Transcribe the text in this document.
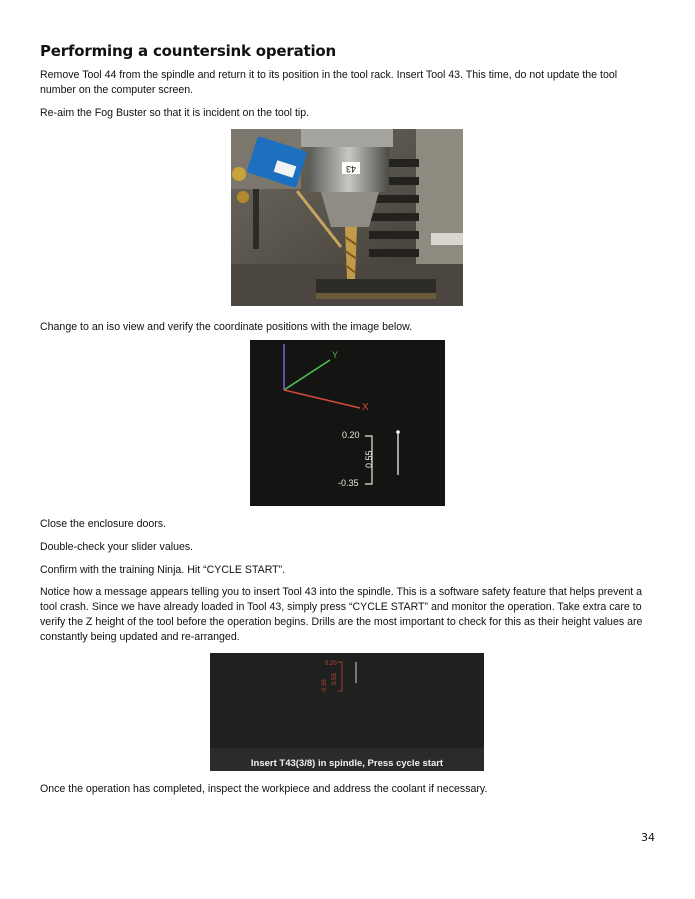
Performing a countersink operation

Remove Tool 44 from the spindle and return it to its position in the tool rack. Insert Tool 43. This time, do not update the tool number on the computer screen.

Re-aim the Fog Buster so that it is incident on the tool tip.

43

Change to an iso view and verify the coordinate positions with the image below.

Y
X
0.20
0.55
-0.35

Close the enclosure doors.

Double-check your slider values.

Confirm with the training Ninja. Hit “CYCLE START”.

Notice how a message appears telling you to insert Tool 43 into the spindle. This is a software safety feature that helps prevent a tool crash. Since we have already loaded in Tool 43, simply press “CYCLE START” and monitor the operation. Take extra care to verify the Z height of the tool before the operation begins. Drills are the most important to check for this as their height values are constantly being updated and re-arranged.

0.20
0.55
-0.35
Insert T43(3/8) in spindle, Press cycle start

Once the operation has completed, inspect the workpiece and address the coolant if necessary.

34
